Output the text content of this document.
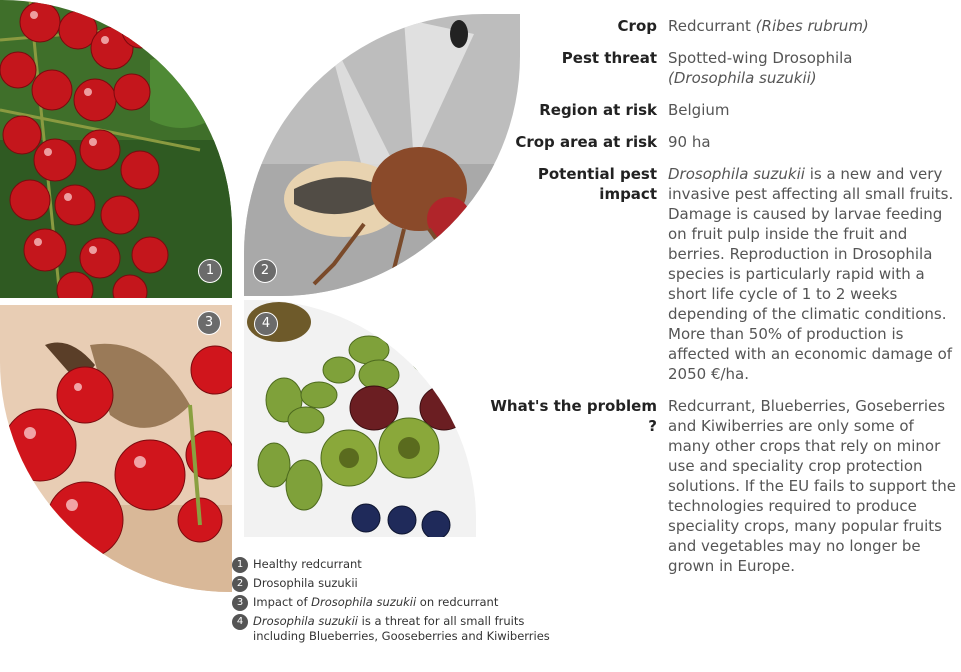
1	2
3	4
1 Healthy redcurrant
2 Drosophila suzukii
3 Impact of Drosophila suzukii on redcurrant
4 Drosophila suzukii is a threat for all small fruits
including Blueberries, Gooseberries and Kiwiberries
Crop Redcurrant (Ribes rubrum)
Pest threat Spotted-wing Drosophila
(Drosophila suzukii)
Region at risk Belgium
Crop area at risk 90 ha
Potential pest
impact
Drosophila suzukii is a new and very invasive pest affecting all small fruits. Damage is caused by larvae feeding on fruit pulp inside the fruit and berries. Reproduction in Drosophila species is particularly rapid with a short life cycle of 1 to 2 weeks depending of the climatic conditions. More than 50% of production is affected with an economic damage of 2050 €/ha.
What's the problem ?
Redcurrant, Blueberries, Goseberries and Kiwiberries are only some of many other crops that rely on minor use and speciality crop protection solutions. If the EU fails to support the technologies required to produce speciality crops, many popular fruits and vegetables may no longer be grown in Europe.
